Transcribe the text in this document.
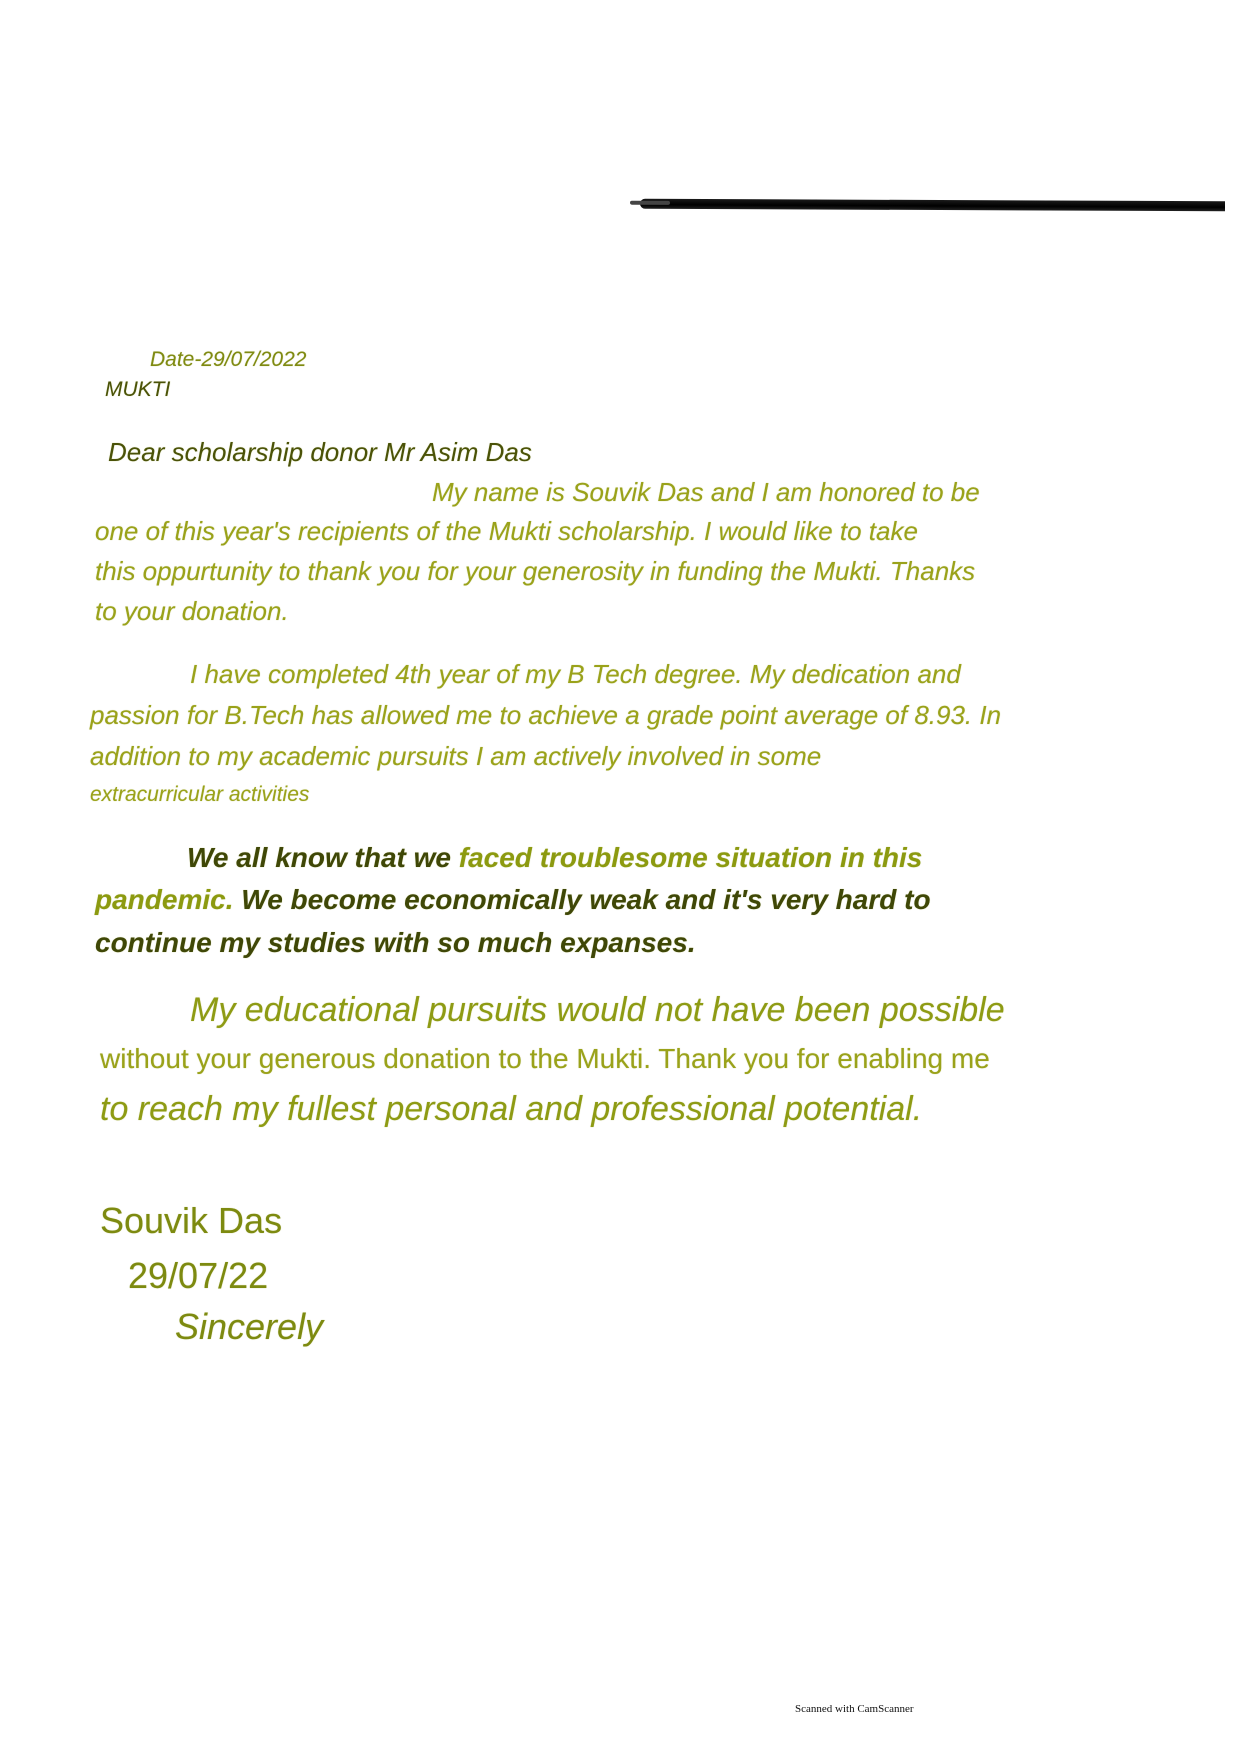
Date-29/07/2022
MUKTI
Dear scholarship donor Mr Asim Das
My name is Souvik Das and I am honored to be
one of this year's recipients of the Mukti scholarship. I would like to take
this oppurtunity to thank you for your generosity in funding the Mukti. Thanks
to your donation.
I have completed 4th year of my B Tech degree. My dedication and
passion for B.Tech has allowed me to achieve a grade point average of 8.93. In
addition to my academic pursuits I am actively involved in some
extracurricular activities
We all know that we faced troublesome situation in this
pandemic. We become economically weak and it's very hard to
continue my studies with so much expanses.
My educational pursuits would not have been possible
without your generous donation to the Mukti. Thank you for enabling me
to reach my fullest personal and professional potential.
Souvik Das
29/07/22
Sincerely
Scanned with CamScanner
